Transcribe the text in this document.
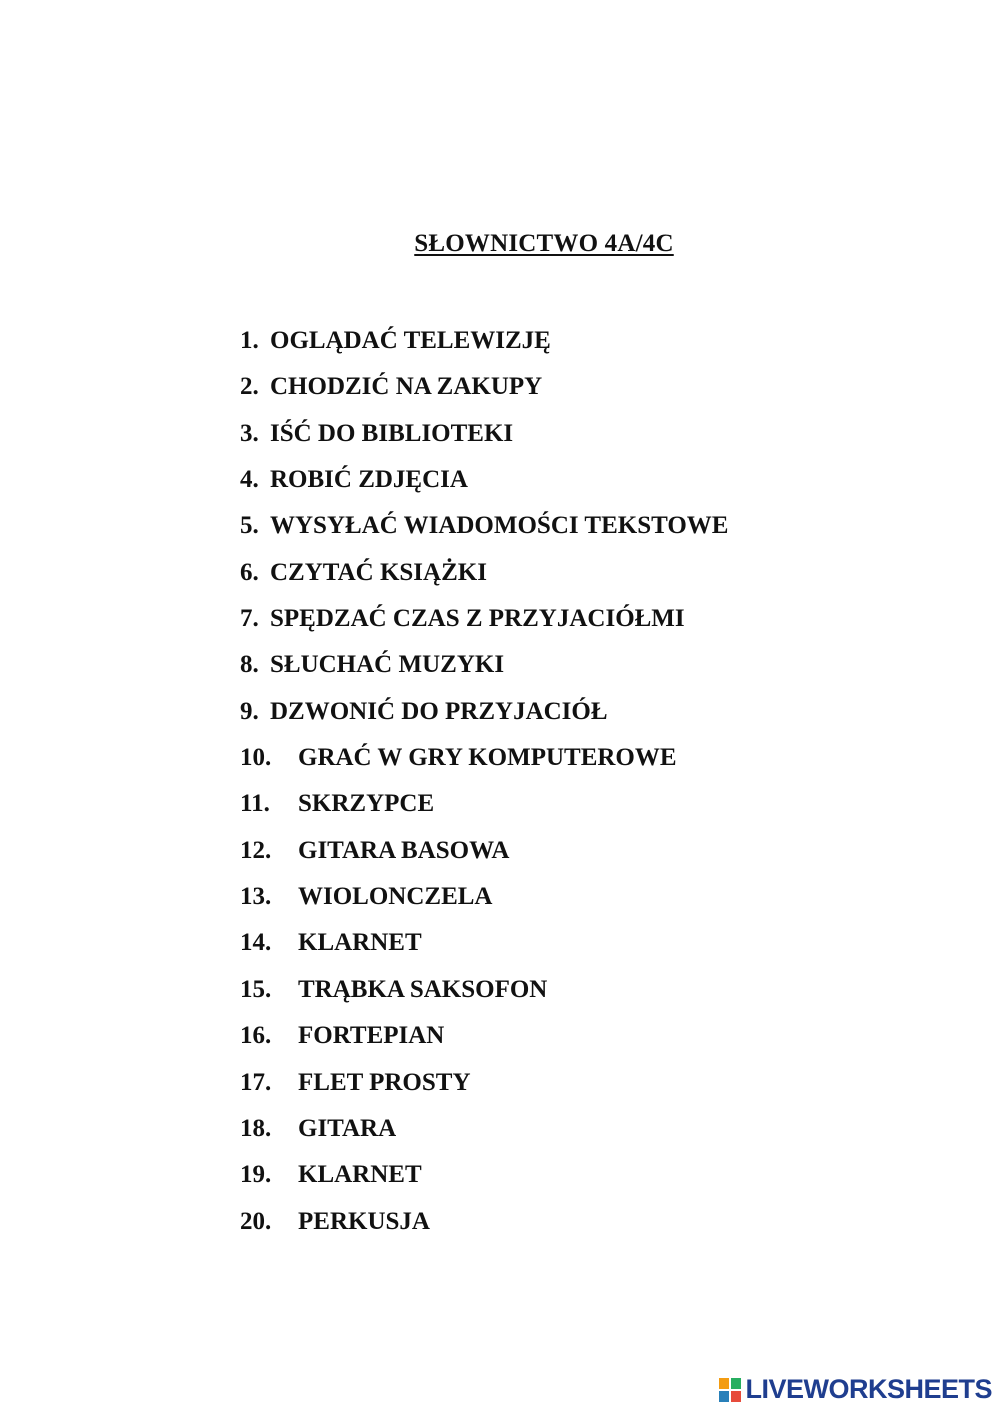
SŁOWNICTWO 4A/4C
1. OGLĄDAĆ TELEWIZJĘ
2. CHODZIĆ NA ZAKUPY
3. IŚĆ DO BIBLIOTEKI
4. ROBIĆ ZDJĘCIA
5. WYSYŁAĆ WIADOMOŚCI TEKSTOWE
6. CZYTAĆ KSIĄŻKI
7. SPĘDZAĆ CZAS Z PRZYJACIÓŁMI
8. SŁUCHAĆ MUZYKI
9. DZWONIĆ DO PRZYJACIÓŁ
10. GRAĆ W GRY KOMPUTEROWE
11. SKRZYPCE
12. GITARA BASOWA
13. WIOLONCZELA
14. KLARNET
15. TRĄBKA SAKSOFON
16. FORTEPIAN
17. FLET PROSTY
18. GITARA
19. KLARNET
20. PERKUSJA
LIVEWORKSHEETS
